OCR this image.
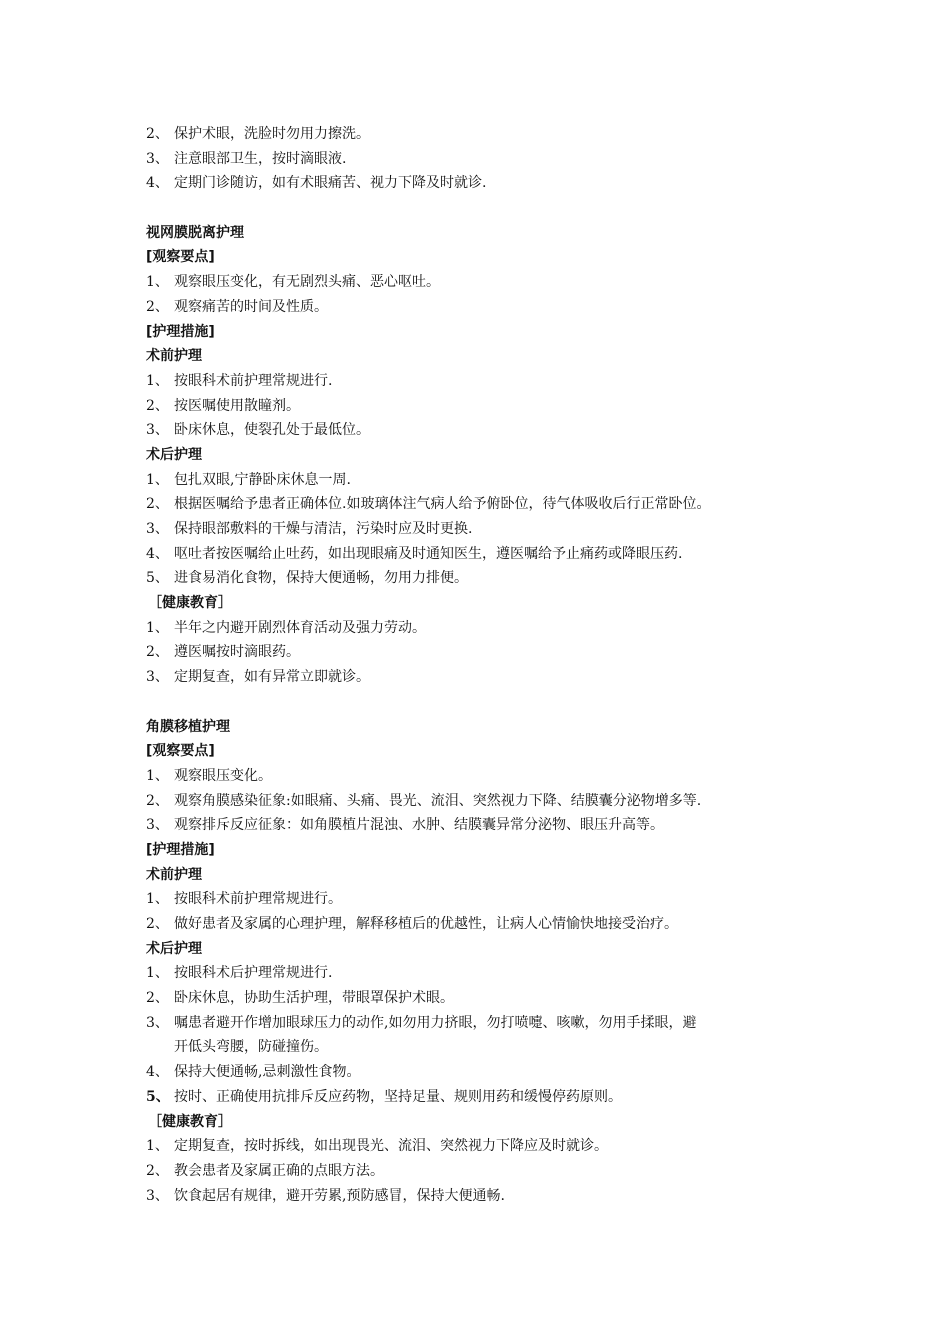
2、 保护术眼，洗脸时勿用力擦洗。
3、 注意眼部卫生，按时滴眼液.
4、 定期门诊随访，如有术眼痛苦、视力下降及时就诊.
视网膜脱离护理
[观察要点]
1、 观察眼压变化，有无剧烈头痛、恶心呕吐。
2、 观察痛苦的时间及性质。
[护理措施]
术前护理
1、 按眼科术前护理常规进行.
2、 按医嘱使用散瞳剂。
3、 卧床休息，使裂孔处于最低位。
术后护理
1、 包扎双眼,宁静卧床休息一周.
2、 根据医嘱给予患者正确体位.如玻璃体注气病人给予俯卧位，待气体吸收后行正常卧位。
3、 保持眼部敷料的干燥与清洁，污染时应及时更换.
4、 呕吐者按医嘱给止吐药，如出现眼痛及时通知医生，遵医嘱给予止痛药或降眼压药.
5、 进食易消化食物，保持大便通畅，勿用力排便。
［健康教育］
1、 半年之内避开剧烈体育活动及强力劳动。
2、 遵医嘱按时滴眼药。
3、 定期复查，如有异常立即就诊。
角膜移植护理
[观察要点]
1、 观察眼压变化。
2、 观察角膜感染征象:如眼痛、头痛、畏光、流泪、突然视力下降、结膜囊分泌物增多等.
3、 观察排斥反应征象：如角膜植片混浊、水肿、结膜囊异常分泌物、眼压升高等。
[护理措施]
术前护理
1、 按眼科术前护理常规进行。
2、 做好患者及家属的心理护理，解释移植后的优越性，让病人心情愉快地接受治疗。
术后护理
1、 按眼科术后护理常规进行.
2、 卧床休息，协助生活护理，带眼罩保护术眼。
3、 嘱患者避开作增加眼球压力的动作,如勿用力挤眼，勿打喷嚏、咳嗽，勿用手揉眼，避
开低头弯腰，防碰撞伤。
4、 保持大便通畅,忌刺激性食物。
5、 按时、正确使用抗排斥反应药物，坚持足量、规则用药和缓慢停药原则。
［健康教育］
1、 定期复查，按时拆线，如出现畏光、流泪、突然视力下降应及时就诊。
2、 教会患者及家属正确的点眼方法。
3、 饮食起居有规律，避开劳累,预防感冒，保持大便通畅.
